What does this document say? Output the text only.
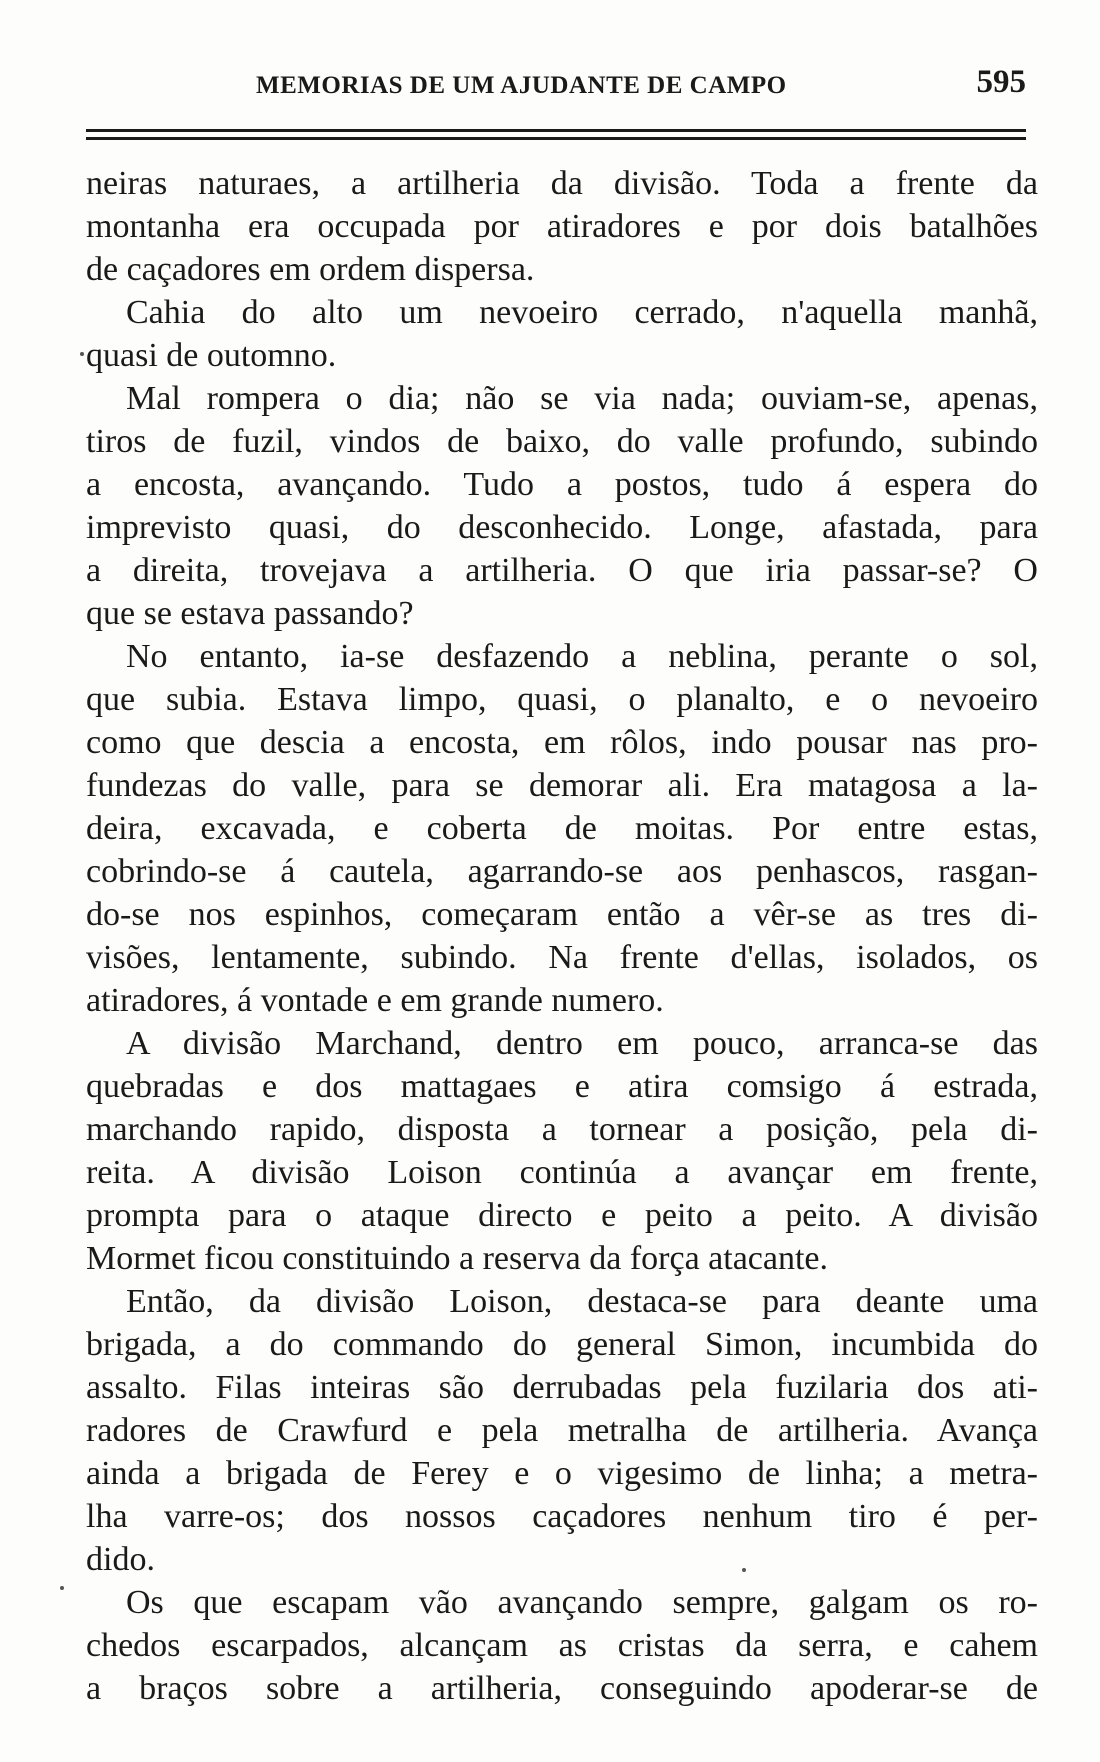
MEMORIAS DE UM AJUDANTE DE CAMPO	595
neiras naturaes, a artilheria da divisão. Toda a frente da
montanha era occupada por atiradores e por dois batalhões
de caçadores em ordem dispersa.
Cahia do alto um nevoeiro cerrado, n'aquella manhã,
quasi de outomno.
Mal rompera o dia; não se via nada; ouviam-se, apenas,
tiros de fuzil, vindos de baixo, do valle profundo, subindo
a encosta, avançando. Tudo a postos, tudo á espera do
imprevisto quasi, do desconhecido. Longe, afastada, para
a direita, trovejava a artilheria. O que iria passar-se? O
que se estava passando?
No entanto, ia-se desfazendo a neblina, perante o sol,
que subia. Estava limpo, quasi, o planalto, e o nevoeiro
como que descia a encosta, em rôlos, indo pousar nas pro-
fundezas do valle, para se demorar ali. Era matagosa a la-
deira, excavada, e coberta de moitas. Por entre estas,
cobrindo-se á cautela, agarrando-se aos penhascos, rasgan-
do-se nos espinhos, começaram então a vêr-se as tres di-
visões, lentamente, subindo. Na frente d'ellas, isolados, os
atiradores, á vontade e em grande numero.
A divisão Marchand, dentro em pouco, arranca-se das
quebradas e dos mattagaes e atira comsigo á estrada,
marchando rapido, disposta a tornear a posição, pela di-
reita. A divisão Loison continúa a avançar em frente,
prompta para o ataque directo e peito a peito. A divisão
Mormet ficou constituindo a reserva da força atacante.
Então, da divisão Loison, destaca-se para deante uma
brigada, a do commando do general Simon, incumbida do
assalto. Filas inteiras são derrubadas pela fuzilaria dos ati-
radores de Crawfurd e pela metralha de artilheria. Avança
ainda a brigada de Ferey e o vigesimo de linha; a metra-
lha varre-os; dos nossos caçadores nenhum tiro é per-
dido.
Os que escapam vão avançando sempre, galgam os ro-
chedos escarpados, alcançam as cristas da serra, e cahem
a braços sobre a artilheria, conseguindo apoderar-se de
